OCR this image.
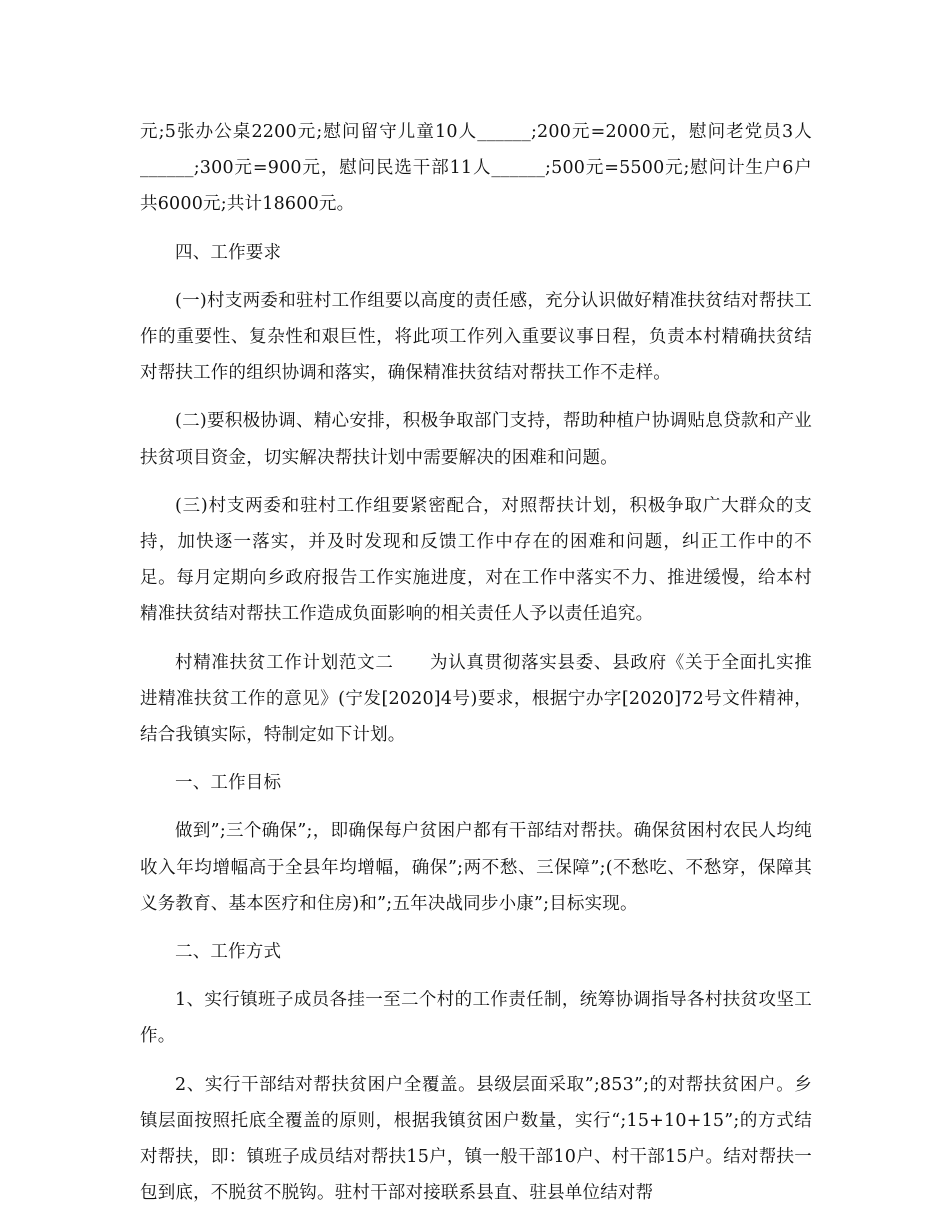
元;5张办公桌2200元;慰问留守儿童10人______;200元=2000元，慰问老党员3人______;300元=900元，慰问民选干部11人______;500元=5500元;慰问计生户6户共6000元;共计18600元。

四、工作要求

(一)村支两委和驻村工作组要以高度的责任感，充分认识做好精准扶贫结对帮扶工作的重要性、复杂性和艰巨性，将此项工作列入重要议事日程，负责本村精确扶贫结对帮扶工作的组织协调和落实，确保精准扶贫结对帮扶工作不走样。

(二)要积极协调、精心安排，积极争取部门支持，帮助种植户协调贴息贷款和产业扶贫项目资金，切实解决帮扶计划中需要解决的困难和问题。

(三)村支两委和驻村工作组要紧密配合，对照帮扶计划，积极争取广大群众的支持，加快逐一落实，并及时发现和反馈工作中存在的困难和问题，纠正工作中的不足。每月定期向乡政府报告工作实施进度，对在工作中落实不力、推进缓慢，给本村精准扶贫结对帮扶工作造成负面影响的相关责任人予以责任追究。

村精准扶贫工作计划范文二　　为认真贯彻落实县委、县政府《关于全面扎实推进精准扶贫工作的意见》(宁发[2020]4号)要求，根据宁办字[2020]72号文件精神，结合我镇实际，特制定如下计划。

一、工作目标

做到”;三个确保”;，即确保每户贫困户都有干部结对帮扶。确保贫困村农民人均纯收入年均增幅高于全县年均增幅，确保”;两不愁、三保障”;(不愁吃、不愁穿，保障其义务教育、基本医疗和住房)和”;五年决战同步小康”;目标实现。

二、工作方式

1、实行镇班子成员各挂一至二个村的工作责任制，统筹协调指导各村扶贫攻坚工作。

2、实行干部结对帮扶贫困户全覆盖。县级层面采取”;853”;的对帮扶贫困户。乡镇层面按照托底全覆盖的原则，根据我镇贫困户数量，实行“;15+10+15”;的方式结对帮扶，即：镇班子成员结对帮扶15户，镇一般干部10户、村干部15户。结对帮扶一包到底，不脱贫不脱钩。驻村干部对接联系县直、驻县单位结对帮
